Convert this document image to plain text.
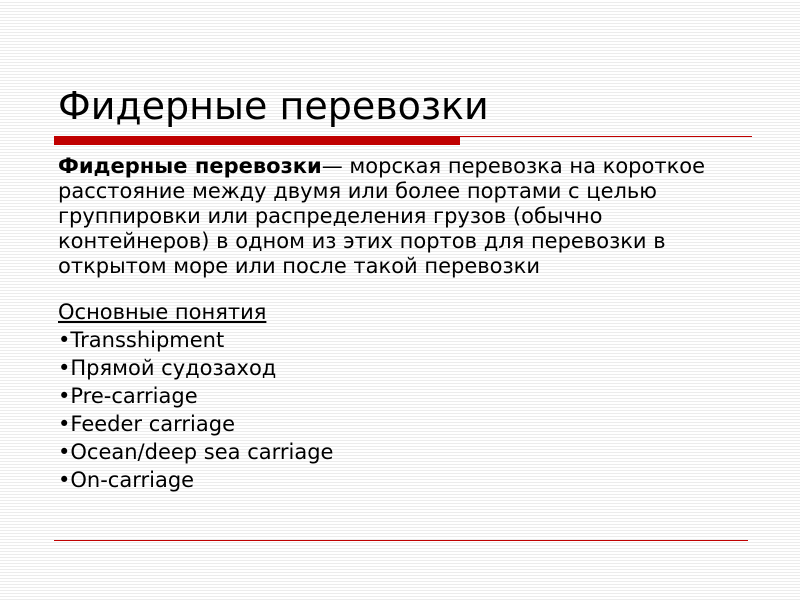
Фидерные перевозки

Фидерные перевозки— морская перевозка на короткое расстояние между двумя или более портами с целью группировки или распределения грузов (обычно контейнеров) в одном из этих портов для перевозки в открытом море или после такой перевозки

Основные понятия

•Transshipment
•Прямой судозаход
•Pre-carriage
•Feeder carriage
•Ocean/deep sea carriage
•On-carriage
